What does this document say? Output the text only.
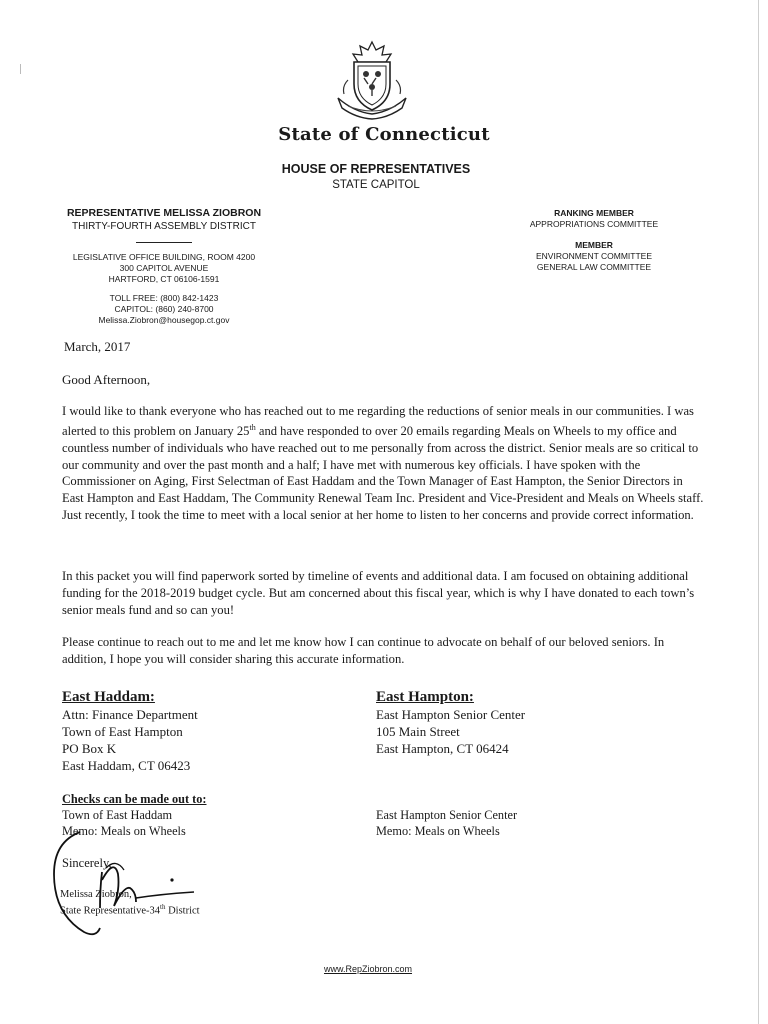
State of Connecticut
HOUSE OF REPRESENTATIVES
STATE CAPITOL
REPRESENTATIVE MELISSA ZIOBRON
THIRTY-FOURTH ASSEMBLY DISTRICT
LEGISLATIVE OFFICE BUILDING, ROOM 4200
300 CAPITOL AVENUE
HARTFORD, CT 06106-1591
TOLL FREE: (800) 842-1423
CAPITOL: (860) 240-8700
Melissa.Ziobron@housegop.ct.gov
RANKING MEMBER
APPROPRIATIONS COMMITTEE
MEMBER
ENVIRONMENT COMMITTEE
GENERAL LAW COMMITTEE
March, 2017
Good Afternoon,

I would like to thank everyone who has reached out to me regarding the reductions of senior meals in our communities. I was alerted to this problem on January 25th and have responded to over 20 emails regarding Meals on Wheels to my office and countless number of individuals who have reached out to me personally from across the district. Senior meals are so critical to our community and over the past month and a half; I have met with numerous key officials. I have spoken with the Commissioner on Aging, First Selectman of East Haddam and the Town Manager of East Hampton, the Senior Directors in East Hampton and East Haddam, The Community Renewal Team Inc. President and Vice-President and Meals on Wheels staff. Just recently, I took the time to meet with a local senior at her home to listen to her concerns and provide correct information.

In this packet you will find paperwork sorted by timeline of events and additional data. I am focused on obtaining additional funding for the 2018-2019 budget cycle. But am concerned about this fiscal year, which is why I have donated to each town’s senior meals fund and so can you!

Please continue to reach out to me and let me know how I can continue to advocate on behalf of our beloved seniors. In addition, I hope you will consider sharing this accurate information.

East Haddam:
Attn: Finance Department
Town of East Hampton
PO Box K
East Haddam, CT 06423
East Hampton:
East Hampton Senior Center
105 Main Street
East Hampton, CT 06424
Checks can be made out to:
Town of East Haddam
Memo: Meals on Wheels
East Hampton Senior Center
Memo: Meals on Wheels
Sincerely,
Melissa Ziobron,
State Representative-34th District
www.RepZiobron.com
